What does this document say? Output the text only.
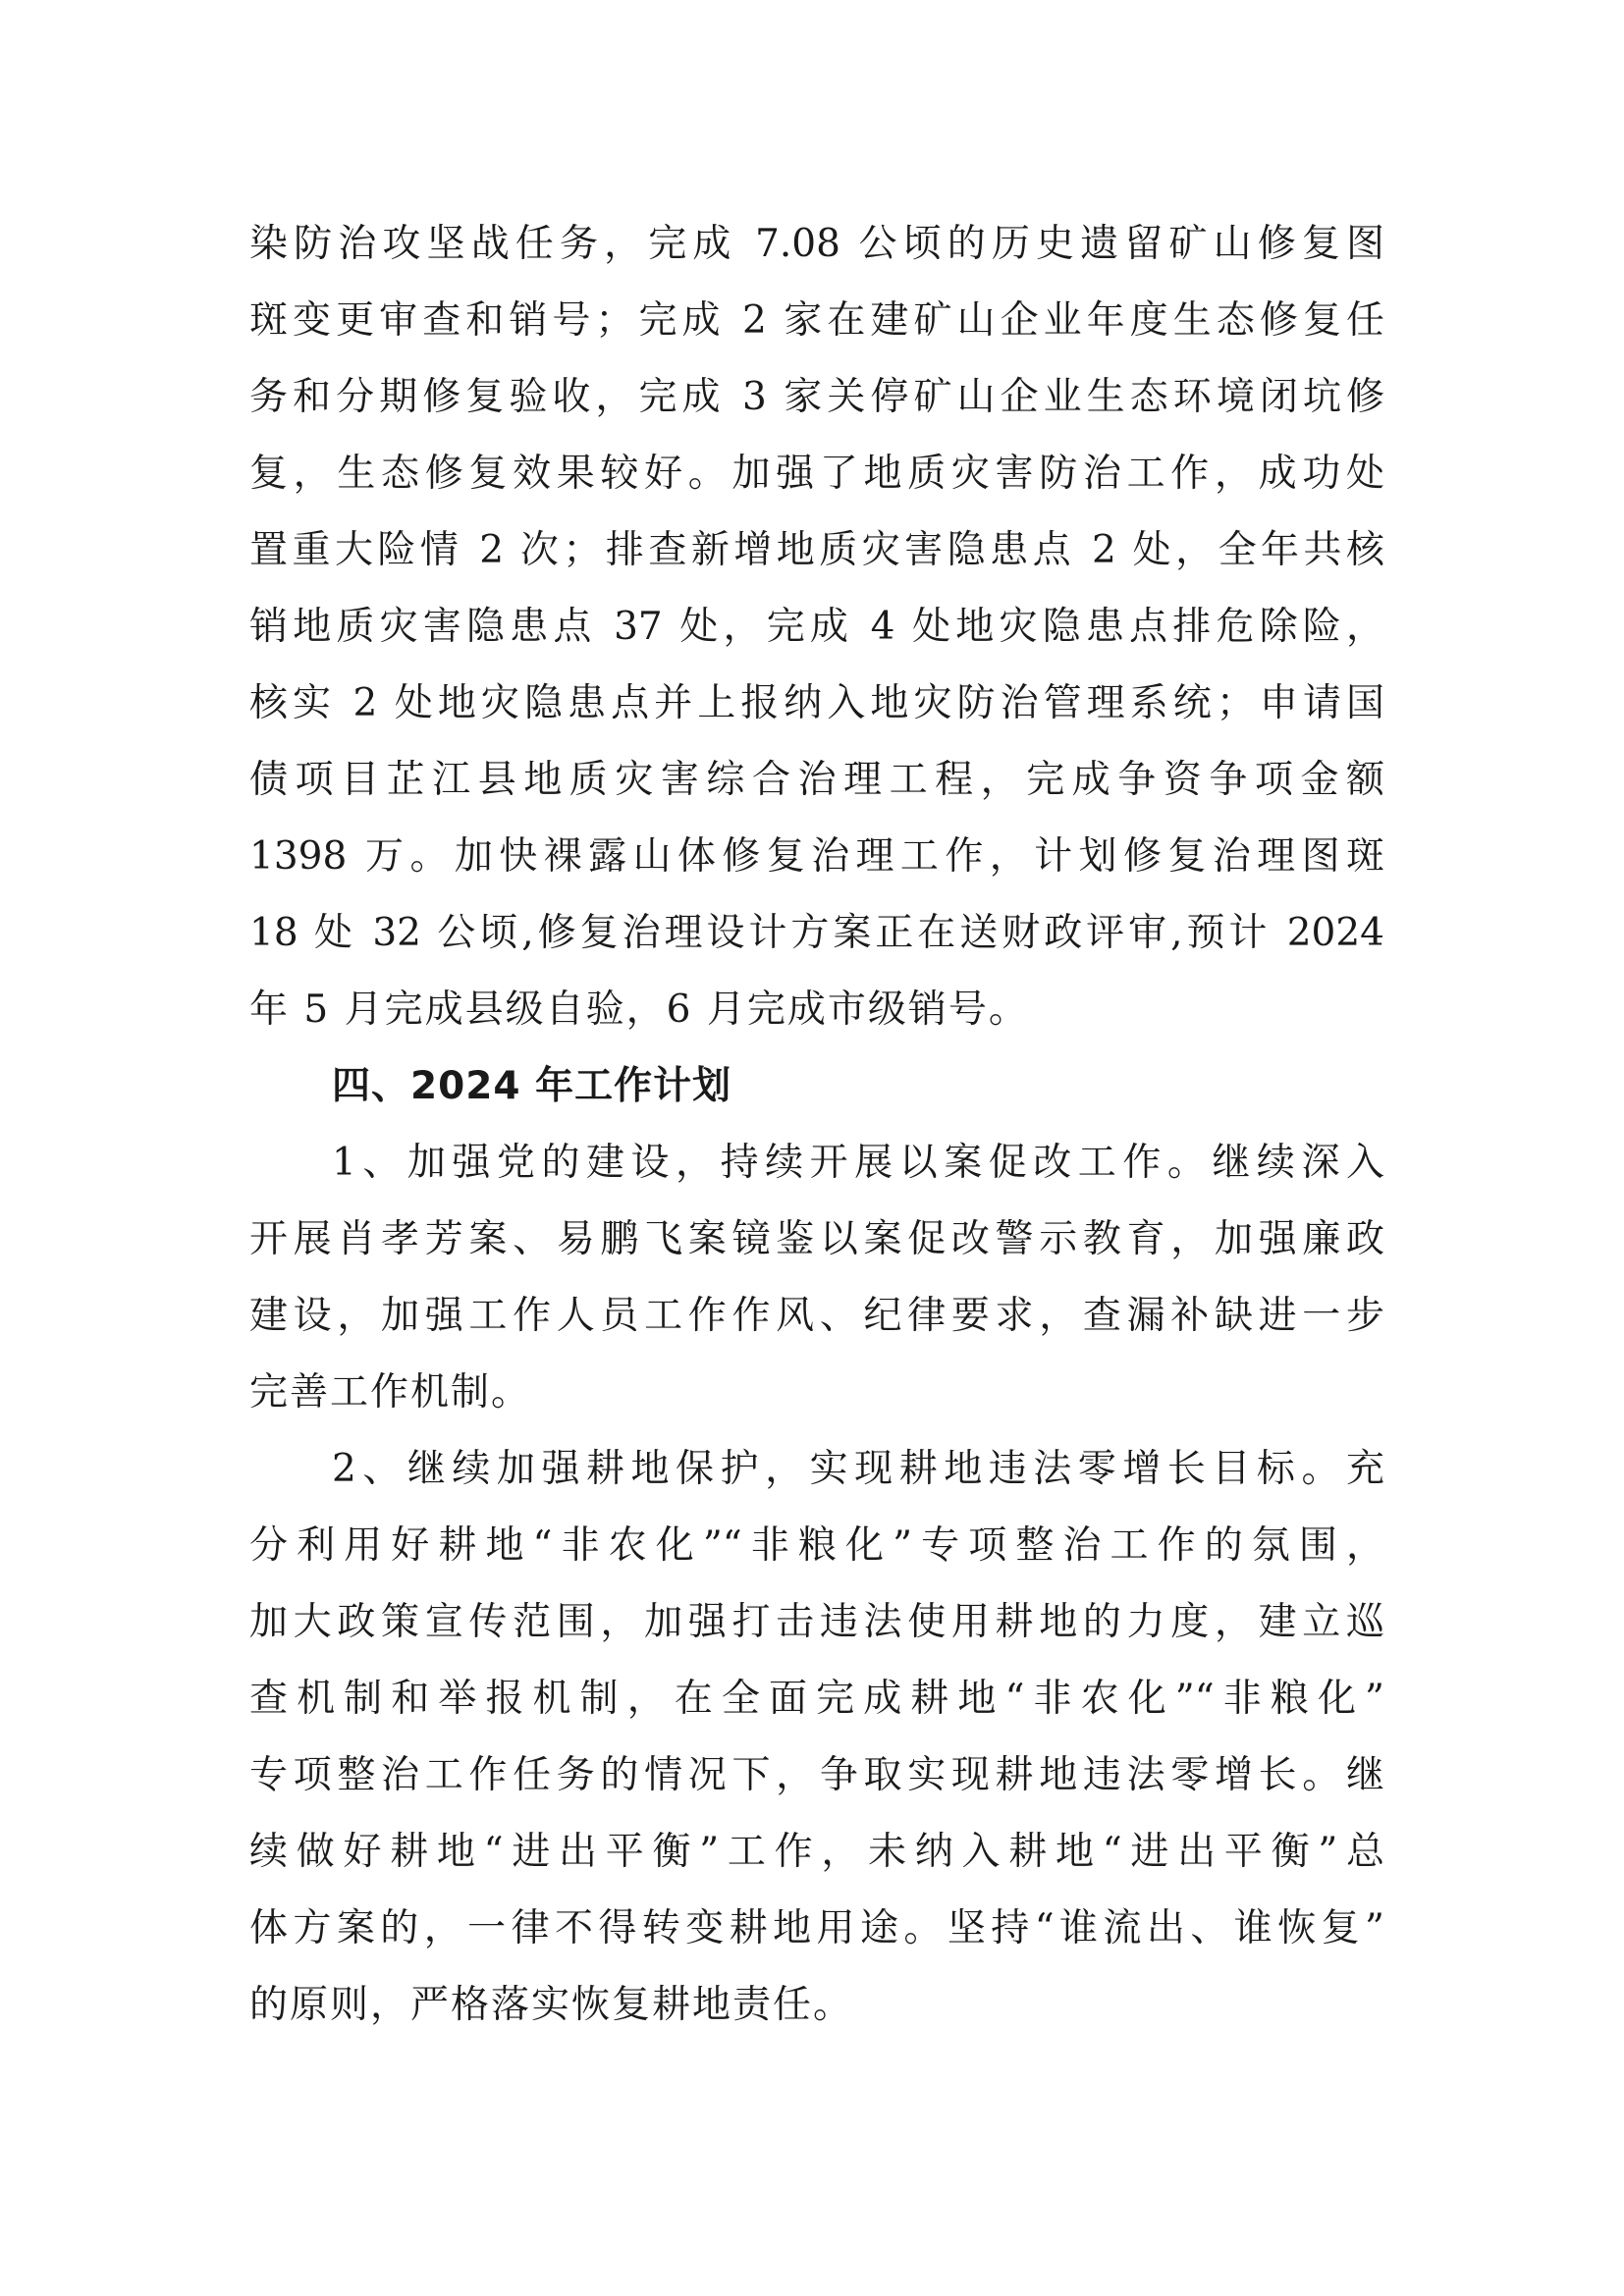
染防治攻坚战任务，完成 7.08 公顷的历史遗留矿山修复图
斑变更审查和销号；完成 2 家在建矿山企业年度生态修复任
务和分期修复验收，完成 3 家关停矿山企业生态环境闭坑修
复，生态修复效果较好。加强了地质灾害防治工作，成功处
置重大险情 2 次；排查新增地质灾害隐患点 2 处，全年共核
销地质灾害隐患点 37 处，完成 4 处地灾隐患点排危除险，
核实 2 处地灾隐患点并上报纳入地灾防治管理系统；申请国
债项目芷江县地质灾害综合治理工程，完成争资争项金额
1398 万。加快裸露山体修复治理工作，计划修复治理图斑
18 处 32 公顷,修复治理设计方案正在送财政评审,预计 2024
年 5 月完成县级自验，6 月完成市级销号。
四、2024 年工作计划
1、加强党的建设，持续开展以案促改工作。继续深入
开展肖孝芳案、易鹏飞案镜鉴以案促改警示教育，加强廉政
建设，加强工作人员工作作风、纪律要求，查漏补缺进一步
完善工作机制。
2、继续加强耕地保护，实现耕地违法零增长目标。充
分利用好耕地“非农化”“非粮化”专项整治工作的氛围，
加大政策宣传范围，加强打击违法使用耕地的力度，建立巡
查机制和举报机制，在全面完成耕地“非农化”“非粮化”
专项整治工作任务的情况下，争取实现耕地违法零增长。继
续做好耕地“进出平衡”工作，未纳入耕地“进出平衡”总
体方案的，一律不得转变耕地用途。坚持“谁流出、谁恢复”
的原则，严格落实恢复耕地责任。
